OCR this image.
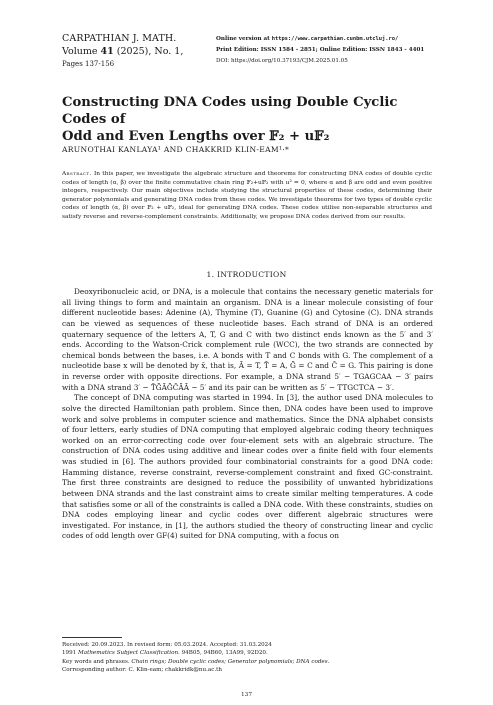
CARPATHIAN J. MATH.
Volume 41 (2025), No. 1,
Pages 137-156
Online version at https://www.carpathian.cunbm.utcluj.ro/
Print Edition: ISSN 1584 - 2851; Online Edition: ISSN 1843 - 4401
DOI: https://doi.org/10.37193/CJM.2025.01.05
Constructing DNA Codes using Double Cyclic Codes of
Odd and Even Lengths over 𝔽₂ + u𝔽₂
ARUNOTHAI KANLAYA¹ AND CHAKKRID KLIN-EAM¹·*
Abstract. In this paper, we investigate the algebraic structure and theorems for constructing DNA codes of double cyclic codes of length (α, β) over the finite commutative chain ring 𝔽₂+u𝔽₂ with u² = 0, where α and β are odd and even positive integers, respectively. Our main objectives include studying the structural properties of these codes, determining their generator polynomials and generating DNA codes from these codes. We investigate theorems for two types of double cyclic codes of length (α, β) over 𝔽₂ + u𝔽₂, ideal for generating DNA codes. These codes utilise non-separable structures and satisfy reverse and reverse-complement constraints. Additionally, we propose DNA codes derived from our results.
1. INTRODUCTION

Deoxyribonucleic acid, or DNA, is a molecule that contains the necessary genetic materials for all living things to form and maintain an organism. DNA is a linear molecule consisting of four different nucleotide bases: Adenine (A), Thymine (T), Guanine (G) and Cytosine (C). DNA strands can be viewed as sequences of these nucleotide bases. Each strand of DNA is an ordered quaternary sequence of the letters A, T, G and C with two distinct ends known as the 5′ and 3′ ends. According to the Watson-Crick complement rule (WCC), the two strands are connected by chemical bonds between the bases, i.e. A bonds with T and C bonds with G. The complement of a nucleotide base x will be denoted by x̄, that is, Ā = T, T̄ = A, Ḡ = C and C̄ = G. This pairing is done in reverse order with opposite directions. For example, a DNA strand 5′ − TGAGCAA − 3′ pairs with a DNA strand 3′ − T̄ḠĀḠC̄ĀĀ − 5′ and its pair can be written as 5′ − TTGCTCA − 3′.

The concept of DNA computing was started in 1994. In [3], the author used DNA molecules to solve the directed Hamiltonian path problem. Since then, DNA codes have been used to improve work and solve problems in computer science and mathematics. Since the DNA alphabet consists of four letters, early studies of DNA computing that employed algebraic coding theory techniques worked on an error-correcting code over four-element sets with an algebraic structure. The construction of DNA codes using additive and linear codes over a finite field with four elements was studied in [6]. The authors provided four combinatorial constraints for a good DNA code: Hamming distance, reverse constraint, reverse-complement constraint and fixed GC-constraint. The first three constraints are designed to reduce the possibility of unwanted hybridizations between DNA strands and the last constraint aims to create similar melting temperatures. A code that satisfies some or all of the constraints is called a DNA code. With these constraints, studies on DNA codes employing linear and cyclic codes over different algebraic structures were investigated. For instance, in [1], the authors studied the theory of constructing linear and cyclic codes of odd length over GF(4) suited for DNA computing, with a focus on

Received: 20.09.2023. In revised form: 05.03.2024. Accepted: 31.03.2024
1991 Mathematics Subject Classification. 94B05, 94B60, 13A99, 92D20.
Key words and phrases. Chain rings; Double cyclic codes; Generator polynomials; DNA codes.
Corresponding author: C. Klin-eam; chakkridk@nu.ac.th
137
